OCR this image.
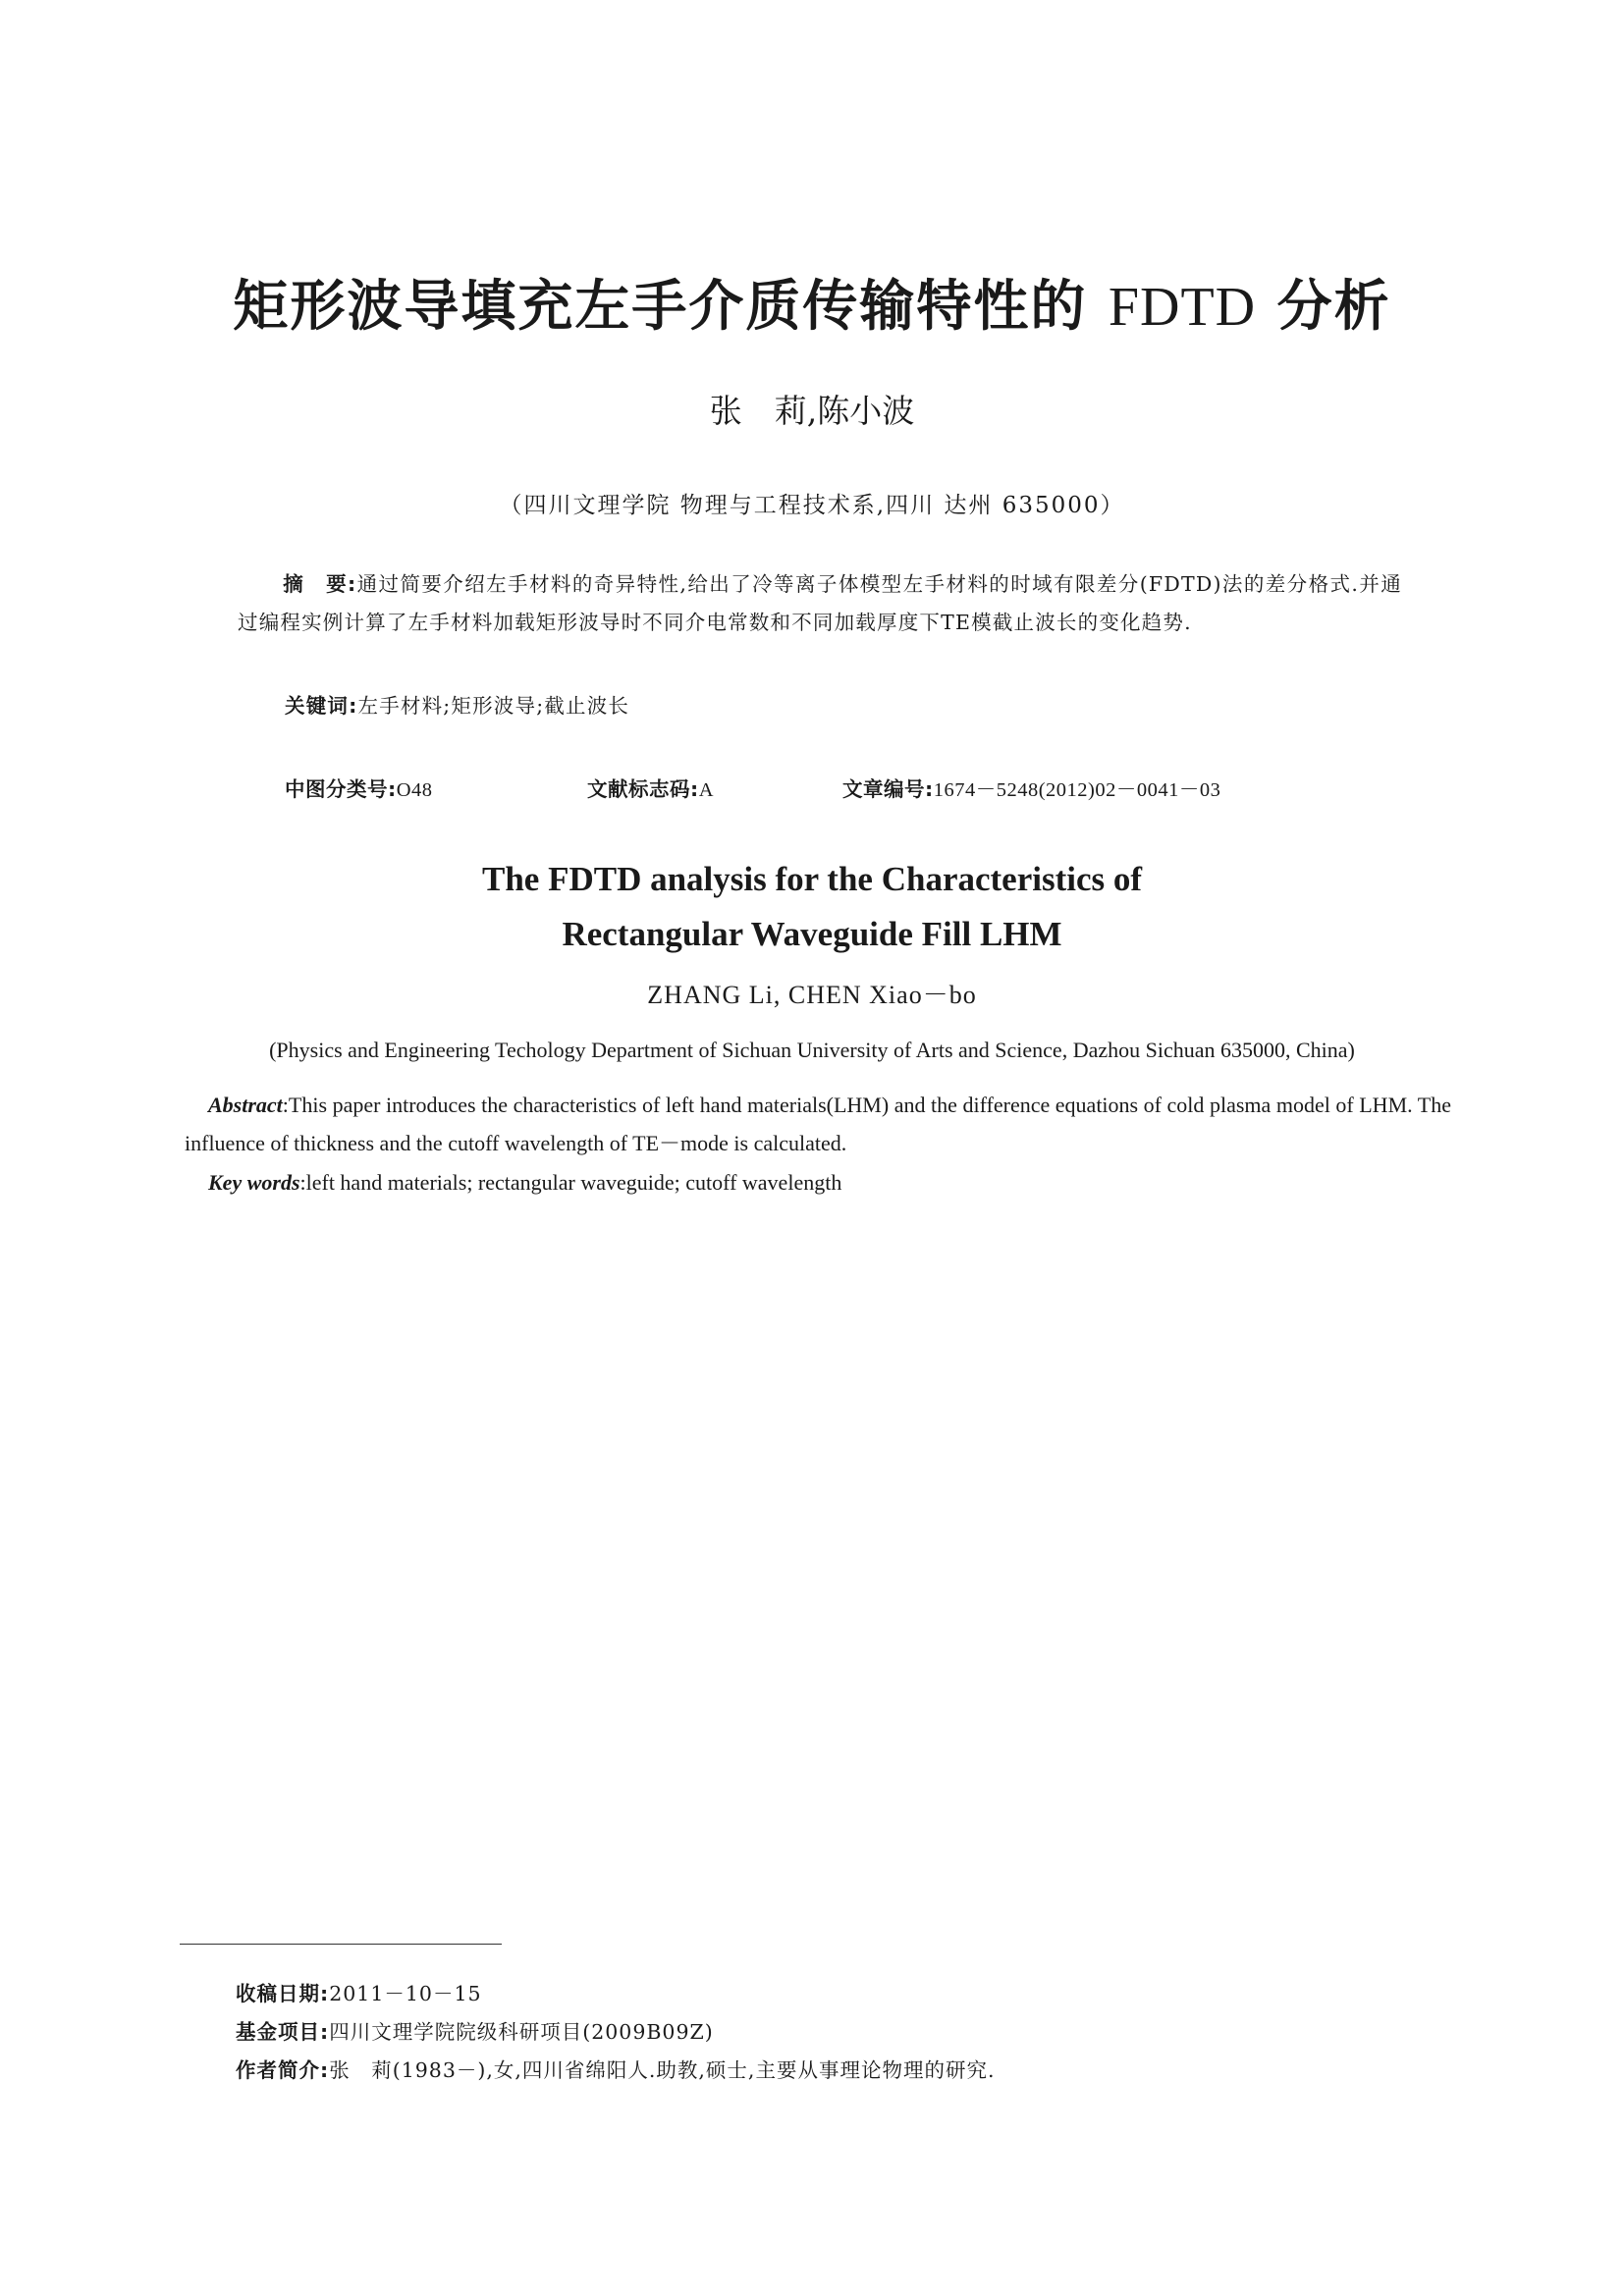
矩形波导填充左手介质传输特性的 FDTD 分析
张　莉,陈小波
（四川文理学院 物理与工程技术系,四川 达州 635000）
摘　要:通过简要介绍左手材料的奇异特性,给出了冷等离子体模型左手材料的时域有限差分(FDTD)法的差分格式.并通过编程实例计算了左手材料加载矩形波导时不同介电常数和不同加载厚度下TE模截止波长的变化趋势.
关键词:左手材料;矩形波导;截止波长
中图分类号:O48	文献标志码:A	文章编号:1674－5248(2012)02－0041－03
The FDTD analysis for the Characteristics of
Rectangular Waveguide Fill LHM
ZHANG Li, CHEN Xiao－bo
(Physics and Engineering Techology Department of Sichuan University of Arts and Science, Dazhou Sichuan 635000, China)
Abstract:This paper introduces the characteristics of left hand materials(LHM) and the difference equations of cold plasma model of LHM. The influence of thickness and the cutoff wavelength of TE－mode is calculated.
Key words:left hand materials; rectangular waveguide; cutoff wavelength
收稿日期:2011－10－15
基金项目:四川文理学院院级科研项目(2009B09Z)
作者简介:张　莉(1983－),女,四川省绵阳人.助教,硕士,主要从事理论物理的研究.
